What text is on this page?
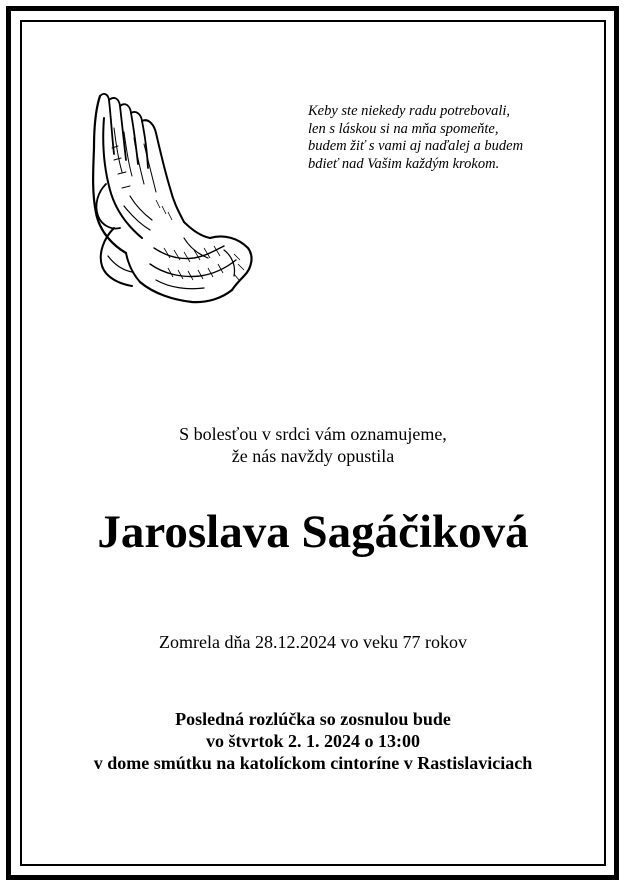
Keby ste niekedy radu potrebovali,
len s láskou si na mňa spomeňte,
budem žiť s vami aj naďalej a budem
bdieť nad Vašim každým krokom.
S bolesťou v srdci vám oznamujeme,
že nás navždy opustila
Jaroslava Sagáčiková
Zomrela dňa 28.12.2024 vo veku 77 rokov
Posledná rozlúčka so zosnulou bude
vo štvrtok 2. 1. 2024 o 13:00
v dome smútku na katolíckom cintoríne v Rastislaviciach
